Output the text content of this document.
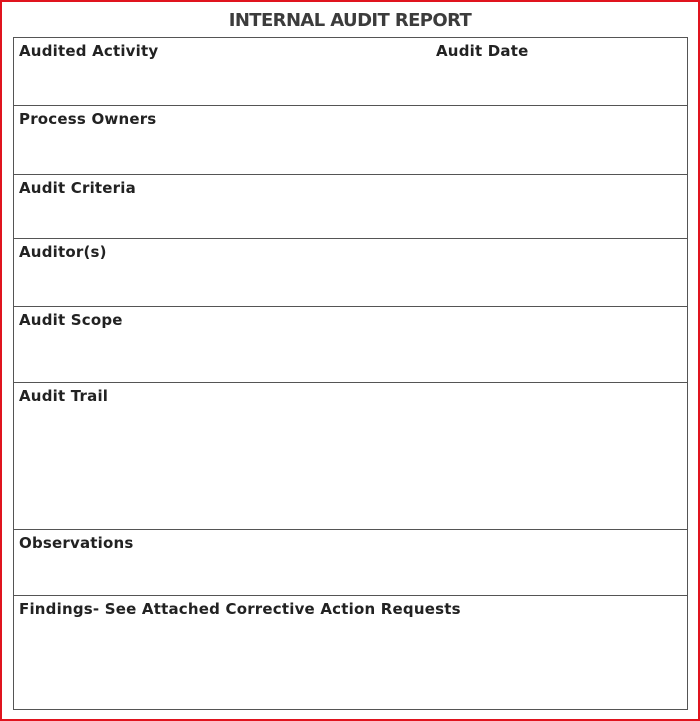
INTERNAL AUDIT REPORT
Audited Activity	Audit Date
Process Owners
Audit Criteria
Auditor(s)
Audit Scope
Audit Trail
Observations
Findings- See Attached Corrective Action Requests
